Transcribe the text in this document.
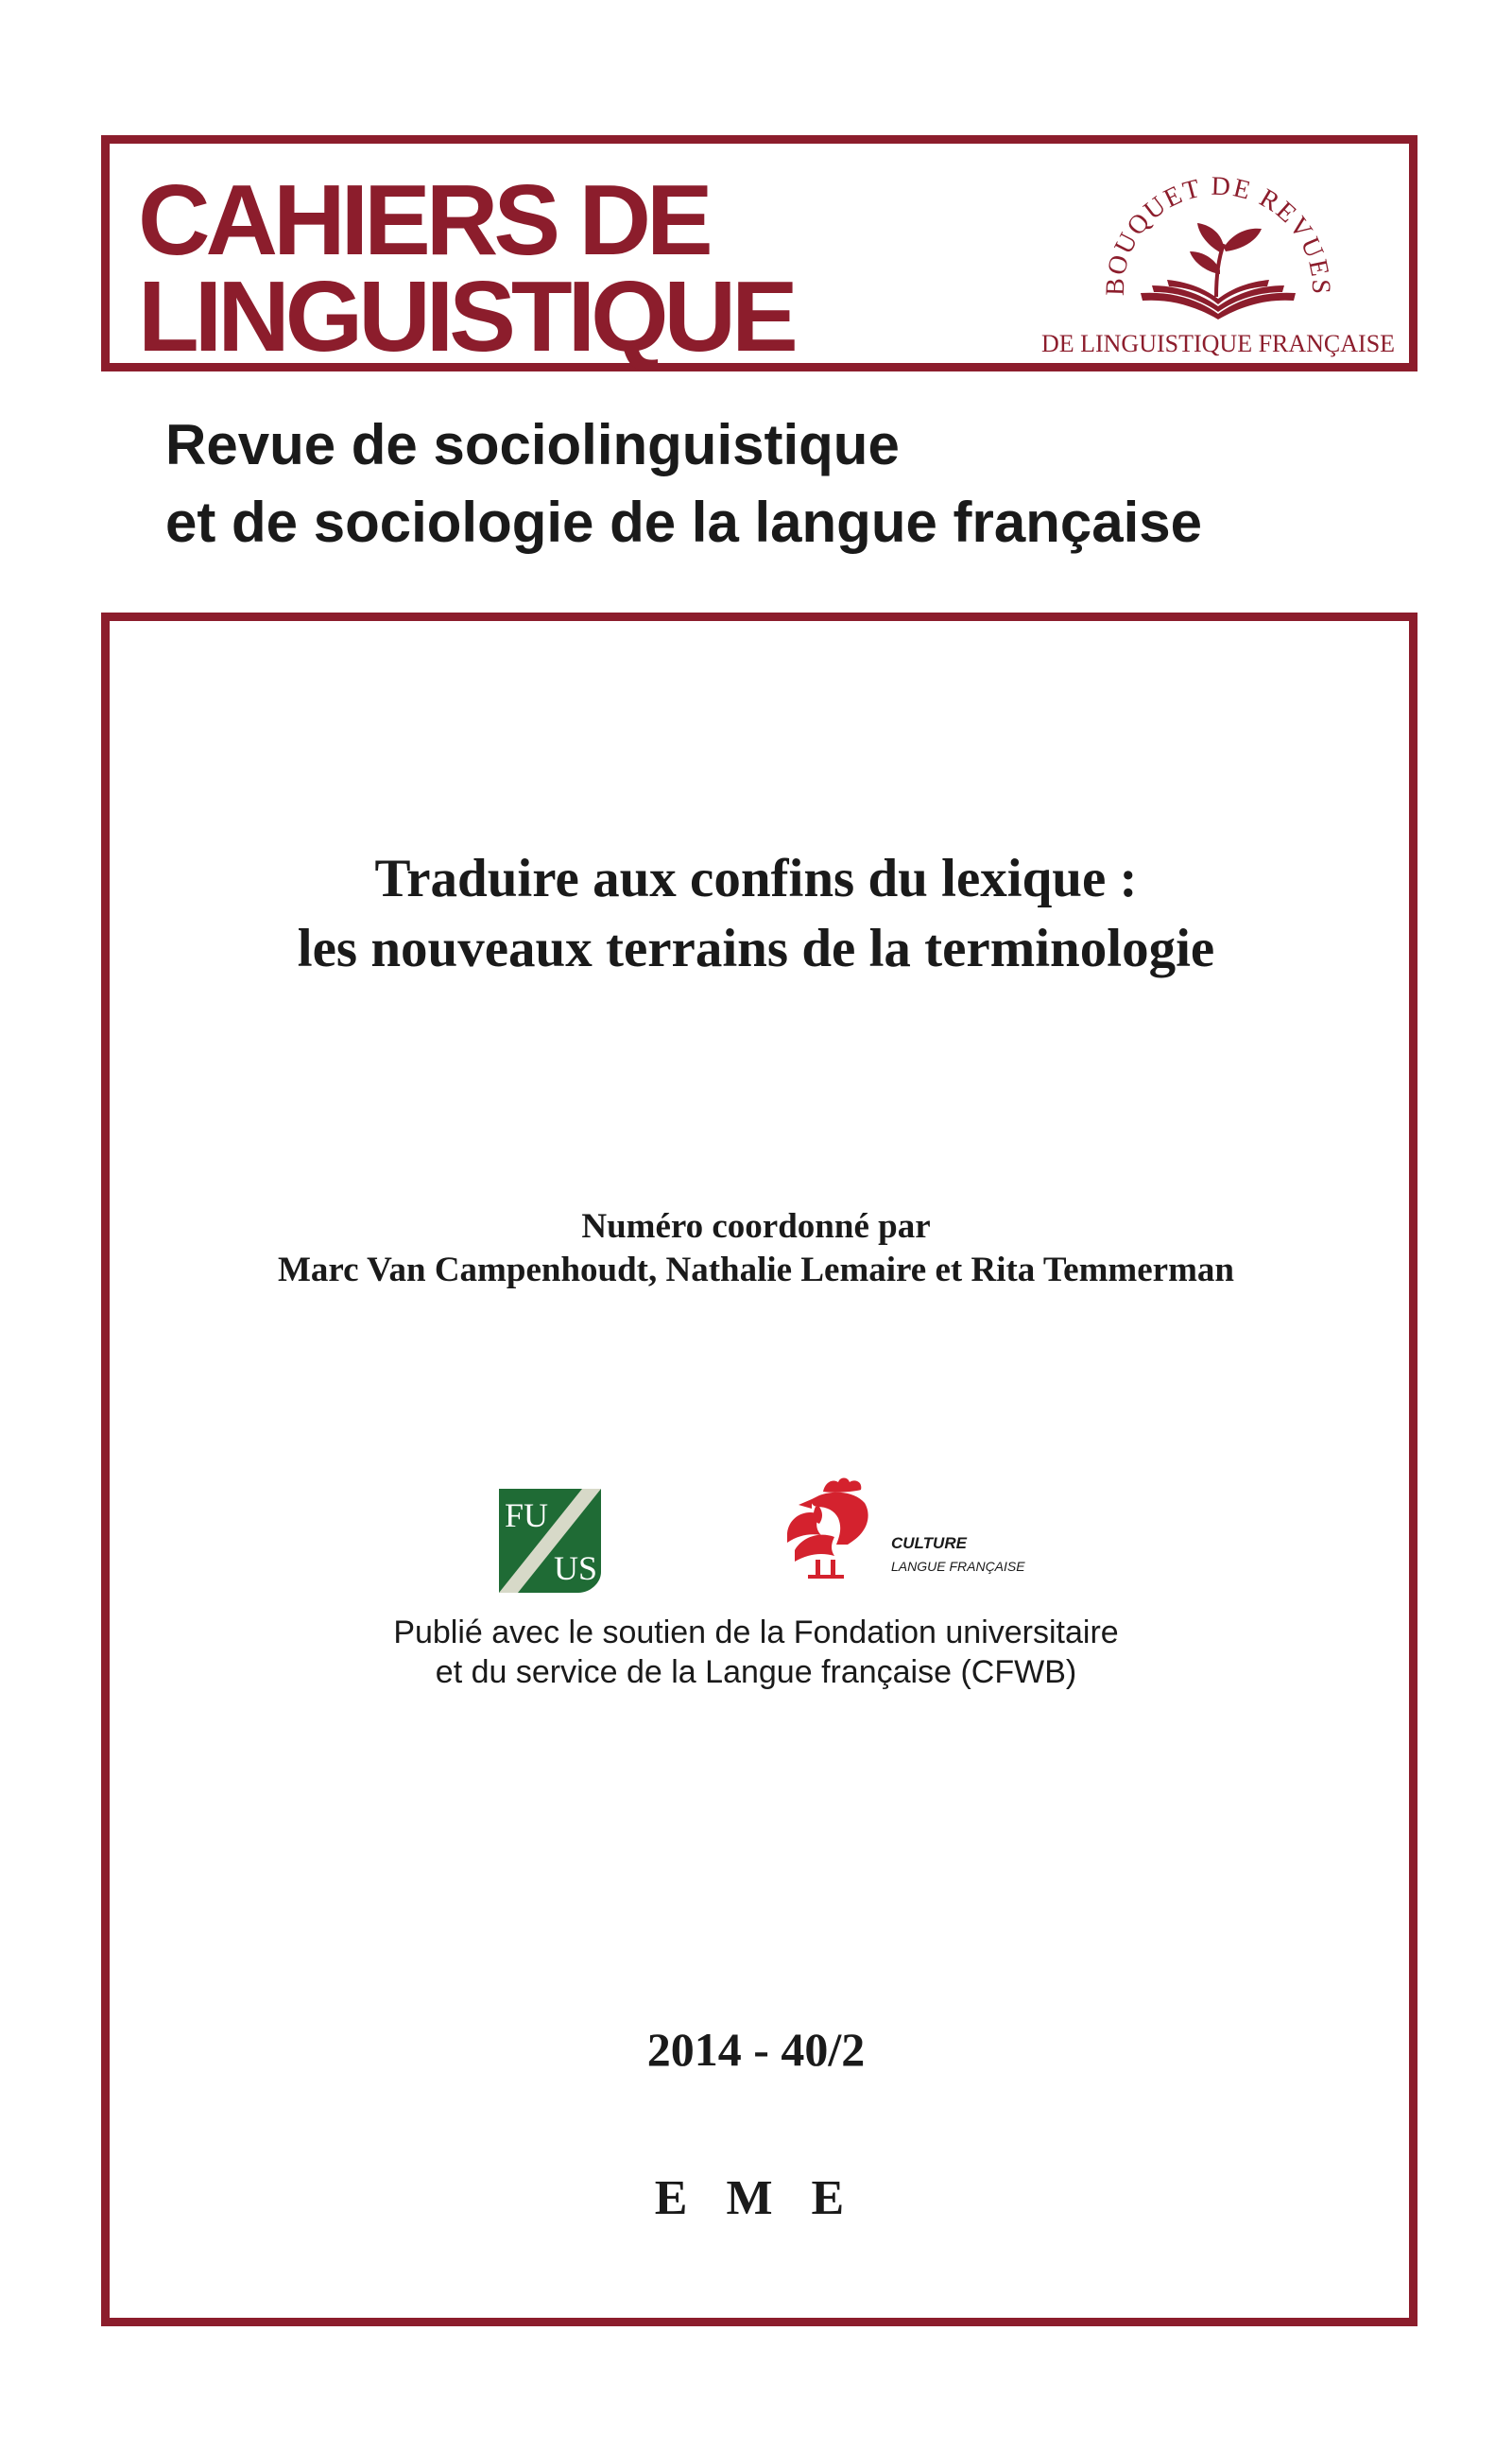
CAHIERS DE
LINGUISTIQUE	BOUQUET DE REVUES
DE LINGUISTIQUE FRANÇAISE
Revue de sociolinguistique
et de sociologie de la langue française
Traduire aux confins du lexique :
les nouveaux terrains de la terminologie
Numéro coordonné par
Marc Van Campenhoudt, Nathalie Lemaire et Rita Temmerman
FU
US
CULTURE
LANGUE FRANÇAISE

Publié avec le soutien de la Fondation universitaire
et du service de la Langue française (CFWB)

2014 - 40/2
E M E
